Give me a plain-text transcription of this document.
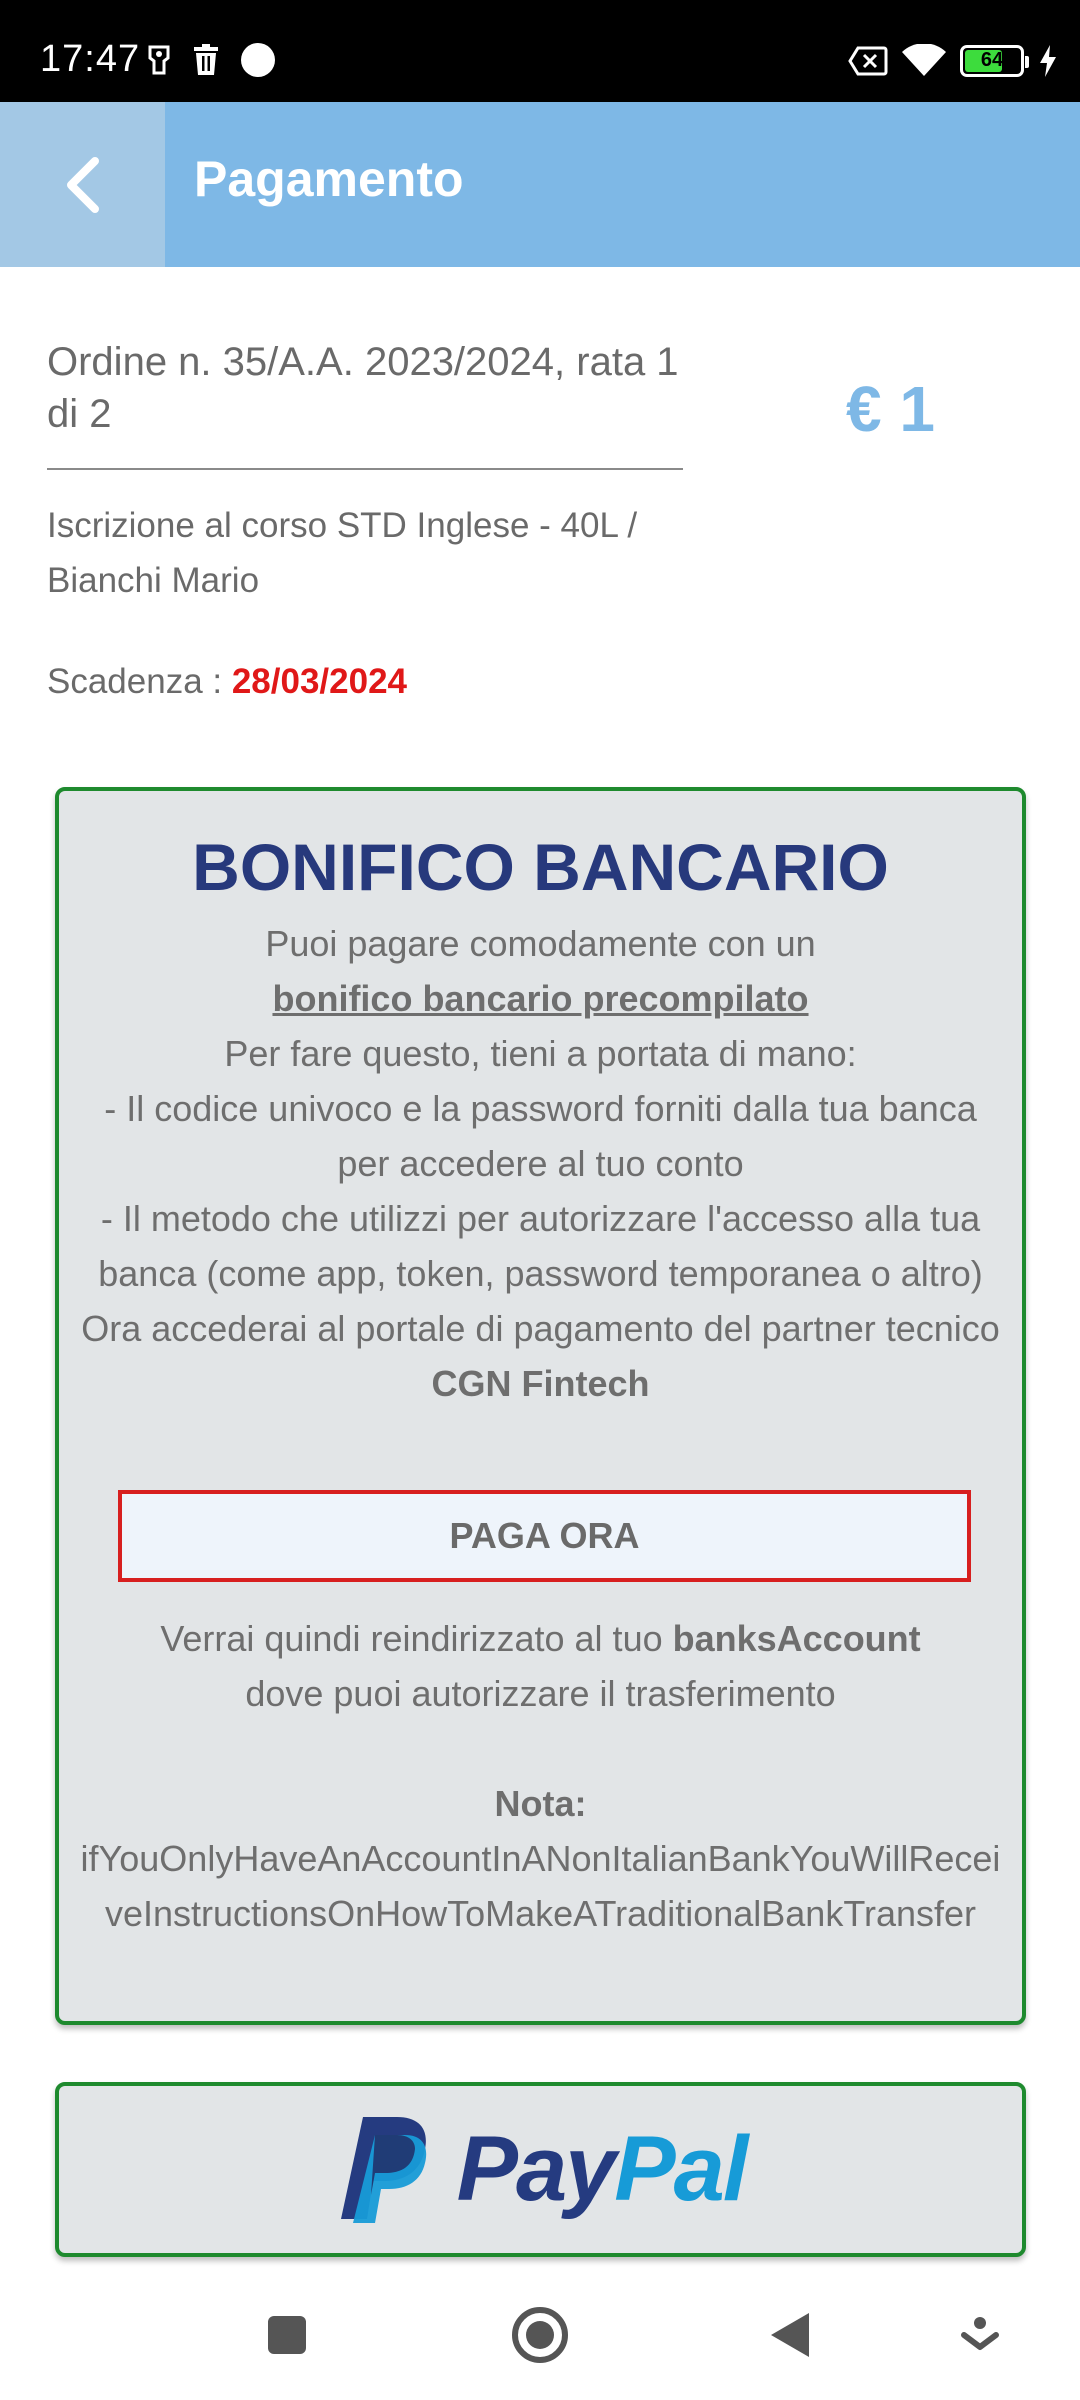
17:47	64
Pagamento
Ordine n. 35/A.A. 2023/2024, rata 1 di 2	€ 1
Iscrizione al corso STD Inglese - 40L / Bianchi Mario
Scadenza : 28/03/2024
BONIFICO BANCARIO
Puoi pagare comodamente con un
bonifico bancario precompilato
Per fare questo, tieni a portata di mano:
- Il codice univoco e la password forniti dalla tua banca per accedere al tuo conto
- Il metodo che utilizzi per autorizzare l'accesso alla tua banca (come app, token, password temporanea o altro)
Ora accederai al portale di pagamento del partner tecnico CGN Fintech
PAGA ORA
Verrai quindi reindirizzato al tuo banksAccount
dove puoi autorizzare il trasferimento
Nota:
ifYouOnlyHaveAnAccountInANonItalianBankYouWillReceiveInstructionsOnHowToMakeATraditionalBankTransfer
PayPal
